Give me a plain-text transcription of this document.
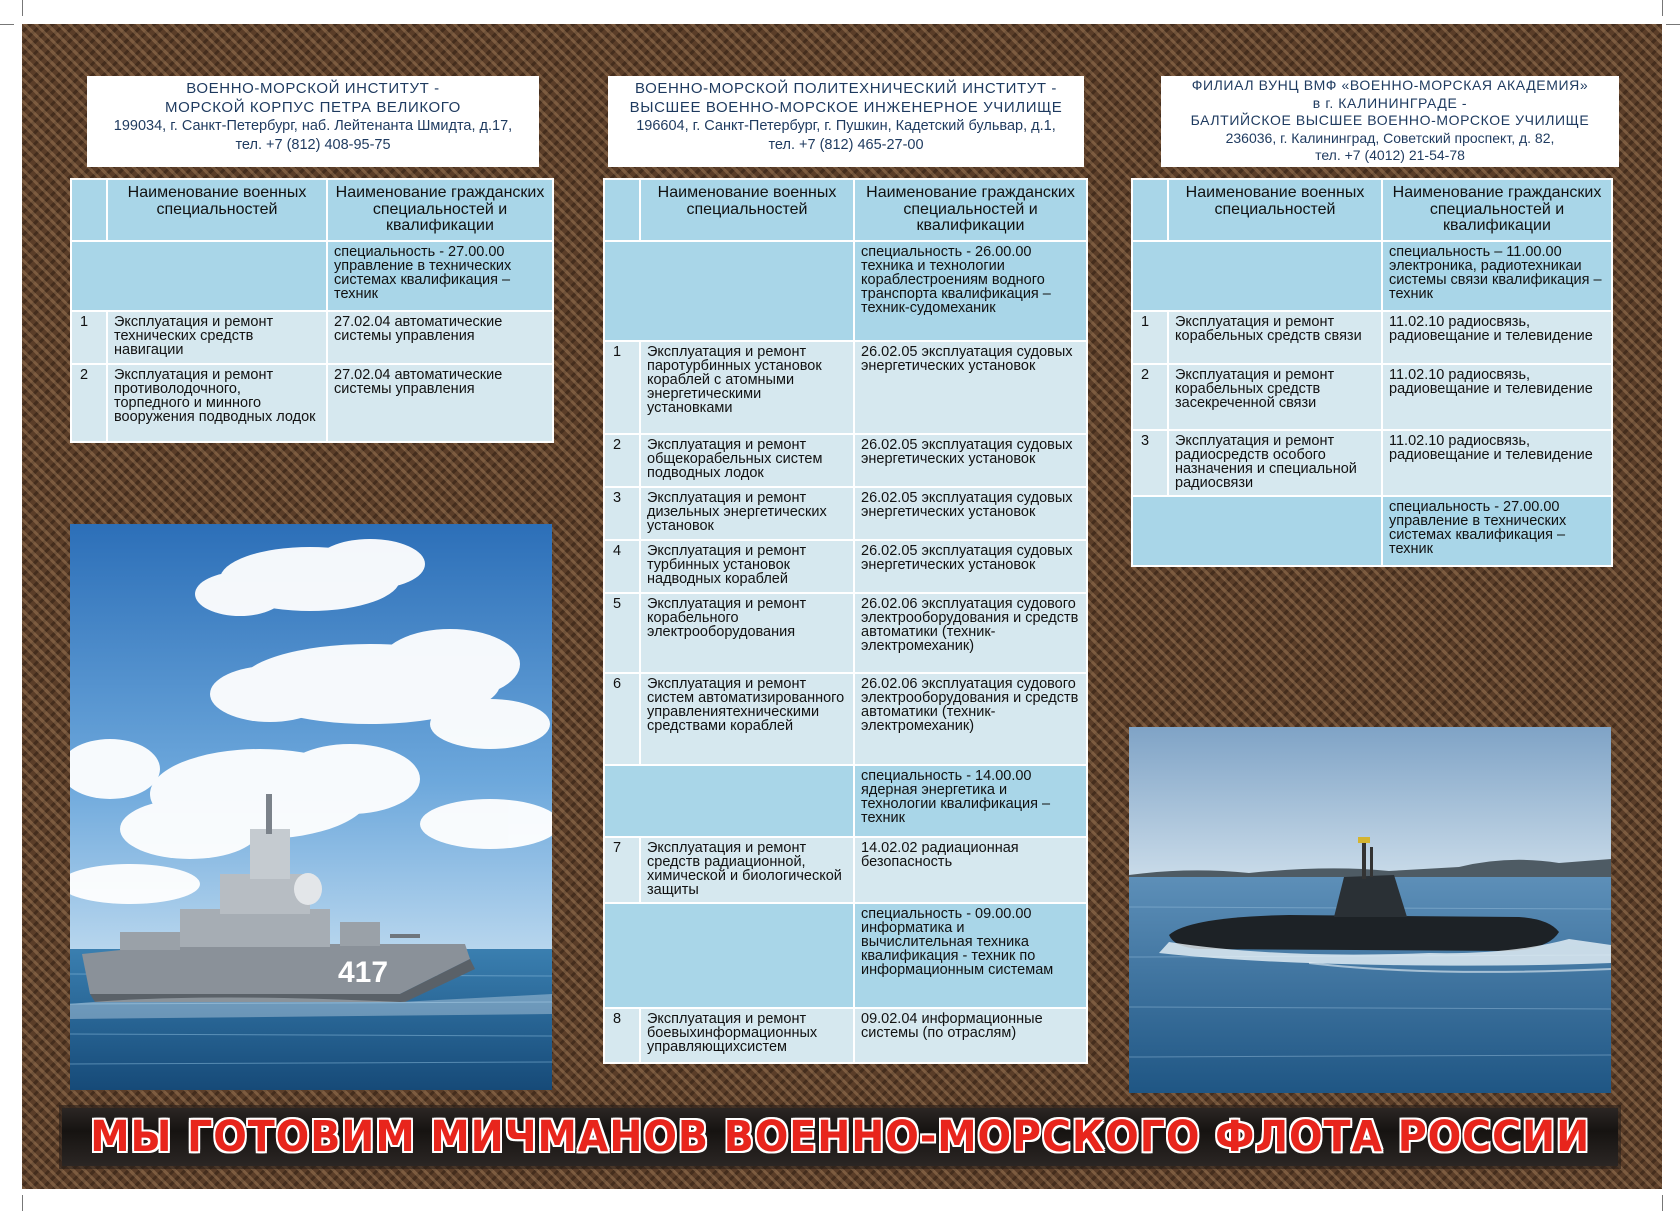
ВОЕННО-МОРСКОЙ ИНСТИТУТ -
МОРСКОЙ КОРПУС ПЕТРА ВЕЛИКОГО
199034, г. Санкт-Петербург, наб. Лейтенанта Шмидта, д.17,
тел. +7 (812) 408-95-75
	Наименование военных специальностей	Наименование гражданских специальностей и квалификации
		специальность - 27.00.00 управление в технических системах квалификация – техник
1	Эксплуатация и ремонт технических средств навигации	27.02.04 автоматические системы управления
2	Эксплуатация и ремонт противолодочного, торпедного и минного вооружения подводных лодок	27.02.04 автоматические системы управления
417
ВОЕННО-МОРСКОЙ ПОЛИТЕХНИЧЕСКИЙ ИНСТИТУТ -
ВЫСШЕЕ ВОЕННО-МОРСКОЕ ИНЖЕНЕРНОЕ УЧИЛИЩЕ
196604, г. Санкт-Петербург, г. Пушкин, Кадетский бульвар, д.1,
тел. +7 (812) 465-27-00
	Наименование военных специальностей	Наименование гражданских специальностей и квалификации
		специальность - 26.00.00 техника и технологии кораблестроениям водного транспорта квалификация – техник-судомеханик
1	Эксплуатация и ремонт паротурбинных установок кораблей с атомными энергетическими установками	26.02.05 эксплуатация судовых энергетических установок
2	Эксплуатация и ремонт общекорабельных систем подводных лодок	26.02.05 эксплуатация судовых энергетических установок
3	Эксплуатация и ремонт дизельных энергетических установок	26.02.05 эксплуатация судовых энергетических установок
4	Эксплуатация и ремонт турбинных установок надводных кораблей	26.02.05 эксплуатация судовых энергетических установок
5	Эксплуатация и ремонт корабельного электрооборудования	26.02.06 эксплуатация судового электрооборудования и средств автоматики (техник-электромеханик)
6	Эксплуатация и ремонт систем автоматизированного управлениятехническими средствами кораблей	26.02.06 эксплуатация судового электрооборудования и средств автоматики (техник-электромеханик)
		специальность - 14.00.00 ядерная энергетика и технологии квалификация – техник
7	Эксплуатация и ремонт средств радиационной, химической и биологической защиты	14.02.02 радиационная безопасность
		специальность - 09.00.00 информатика и вычислительная техника квалификация - техник по информационным системам
8	Эксплуатация и ремонт боевыхинформационных управляющихсистем	09.02.04 информационные системы (по отраслям)
ФИЛИАЛ ВУНЦ ВМФ «ВОЕННО-МОРСКАЯ АКАДЕМИЯ»
в г. КАЛИНИНГРАДЕ -
БАЛТИЙСКОЕ ВЫСШЕЕ ВОЕННО-МОРСКОЕ УЧИЛИЩЕ
236036, г. Калининград, Советский проспект, д. 82,
тел. +7 (4012) 21-54-78
	Наименование военных специальностей	Наименование гражданских специальностей и квалификации
		специальность – 11.00.00 электроника, радиотехникаи системы связи квалификация – техник
1	Эксплуатация и ремонт корабельных средств связи	11.02.10 радиосвязь, радиовещание и телевидение
2	Эксплуатация и ремонт корабельных средств засекреченной связи	11.02.10 радиосвязь, радиовещание и телевидение
3	Эксплуатация и ремонт радиосредств особого назначения и специальной радиосвязи	11.02.10 радиосвязь, радиовещание и телевидение
		специальность - 27.00.00 управление в технических системах квалификация – техник
МЫ ГОТОВИМ МИЧМАНОВ ВОЕННО-МОРСКОГО ФЛОТА РОССИИ
